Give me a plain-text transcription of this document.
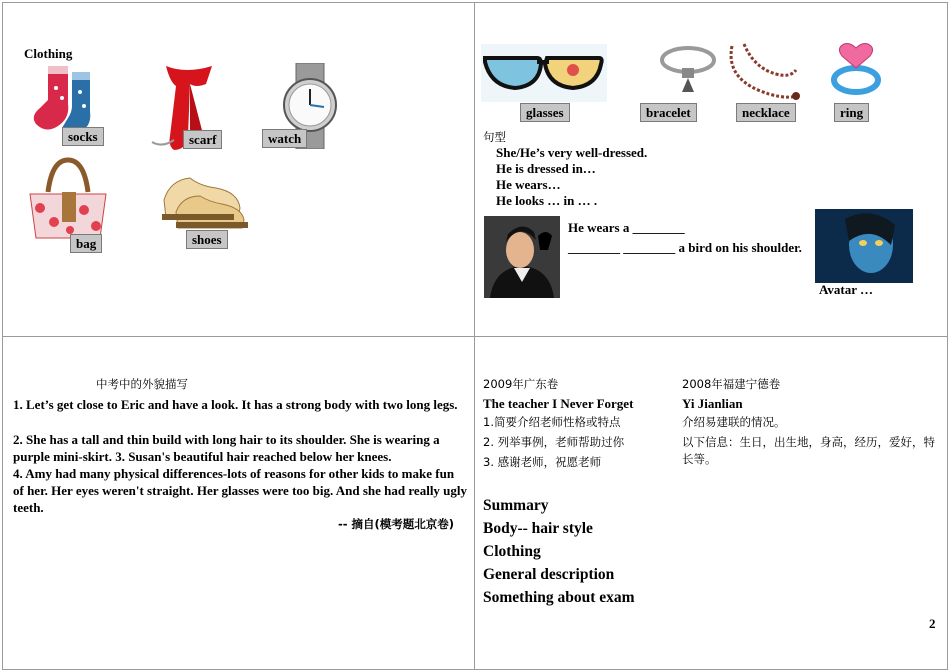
Clothing
socks	scarf	watch
bag	shoes
glasses	bracelet	necklace	ring
句型
She/He’s very well-dressed.
He is dressed in…
He wears…
He looks … in … .
He wears a ________
________ ________ a bird on his shoulder.
Avatar …
中考中的外貌描写
1. Let’s get close to Eric and have a look. It has a strong body with two long legs.
2. She has a tall and thin build with long hair to its shoulder. She is wearing a purple mini-skirt. 3. Susan's beautiful hair reached below her knees.
4. Amy had many physical differences-lots of reasons for other kids to make fun of her. Her eyes weren't straight. Her glasses were too big. And she had really ugly teeth.
-- 摘自(模考题北京卷)
2009年广东卷
The teacher I Never Forget
1.简要介绍老师性格或特点
2. 列举事例，老师帮助过你
3. 感谢老师，祝愿老师
2008年福建宁德卷
Yi Jianlian
介绍易建联的情况。
以下信息：生日，出生地，身高，经历，爱好，特长等。
Summary
Body-- hair style
Clothing
General description
Something about exam
2
